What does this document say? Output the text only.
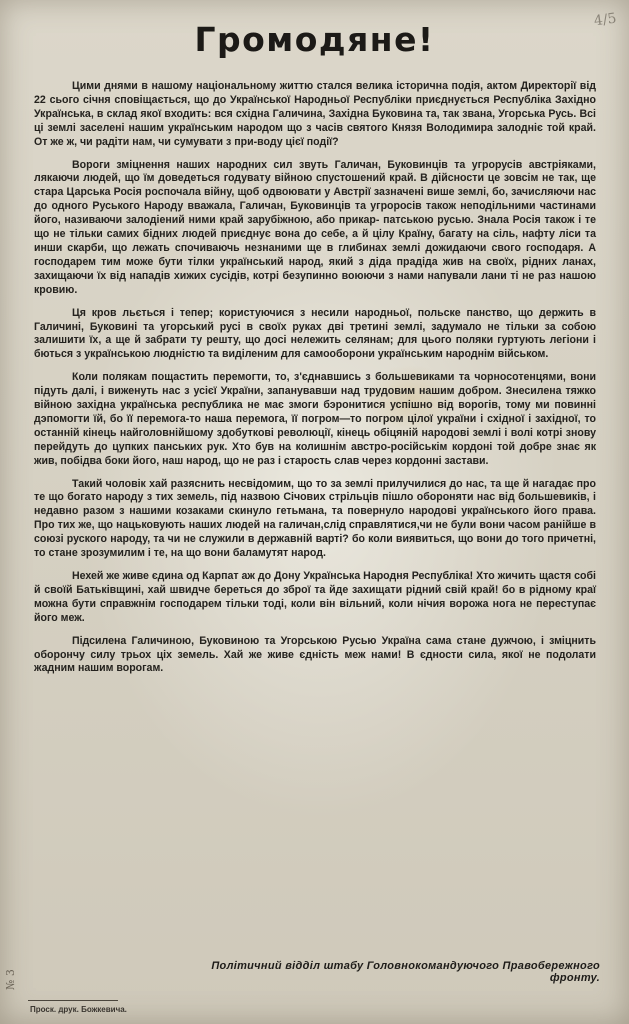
4/5
Громодяне!

Цими днями в нашому національному життю стался велика історична подія, актом Директорії від 22 сього січня сповіщається, що до Української Народньої Республіки приєднується Республіка Західно Українська, в склад якої входить: вся східна Галичина, Західна Буковина та, так звана, Угорська Русь. Всі ці землі заселені нашим українським народом що з часів святого Князя Володимира залодніє той край. От же ж, чи радіти нам, чи сумувати з при-воду цієї події?

Вороги зміцнення наших народних сил звуть Галичан, Буковинців та угрорусів австріяками, лякаючи людей, що їм доведеться годувату війною спустошений край. В дійсности це зовсім не так, ще стара Царська Росія роспочала війну, щоб одвоювати у Австрії зазначені више землі, бо, зачисляючи нас до одного Руського Народу вважала, Галичан, Буковинців та угроросів також неподільними частинами його, називаючи залодіений ними край зарубіжною, або прикар- патською русью. Знала Росія також і те що не тільки самих бідних людей приєднує вона до себе, а й цілу Країну, багату на сіль, нафту ліси та инши скарби, що лежать спочиваючь незнаними ще в глибинах землі дожидаючи свого господаря. А господарем тим може бути тілки український народ, який з діда прадіда жив на своїх, рідних ланах, захищаючи їх від нападів хижих сусідів, котрі безупинно воюючи з нами напували лани ті не раз нашою кровию.

Ця кров льється і тепер; користуючися з несили народньої, польске панство, що держить в Галичині, Буковині та угорський русі в своїх руках дві третині землі, задумало не тільки за собою залишити їх, а ще й забрати ту решту, що досі нележить селянам; для цього поляки гуртують легіони і бються з українською людністю та виділеним для самооборони українським народнім військом.

Коли полякам пощастить перемогти, то, з'єднавшись з большевиками та чорносотенцями, вони підуть далі, і виженуть нас з усієї України, запанувавши над трудовим нашим добром. Знесилена тяжко війною західна українська республика не має змоги бэронитися успішно від ворогів, тому ми повинні дэпомогти їй, бо її перемога-то наша перемога, її погром—то погром цілої україни і східної і західної, то останній кінець найголовнійшому здобуткові революції, кінець обіцяній народові землі і волі котрі знову перейдуть до цупких панських рук. Хто був на колишнім австро-російськім кордоні той добре знає як жив, побідва боки його, наш народ, що не раз і старость слав через кордонні застави.

Такий чоловік хай разяснить несвідомим, що то за землі прилучилися до нас, та ще й нагадає про те що богато народу з тих земель, під назвою Січових стрільців пішло обороняти нас від большевиків, і недавно разом з нашими козаками скинуло гетьмана, та повернуло народові українського його права. Про тих же, що нацьковують наших людей на галичан,слід справлятися,чи не були вони часом ранійше в союзі руского народу, та чи не служили в державній варті? бо коли виявиться, що вони до того причетні, то стане зрозумилим і те, на що вони баламутят народ.

Нехей же живе єдина од Карпат аж до Дону Українська Народня Республіка! Хто жичить щастя собі й своїй Батьківщині, хай швидче береться до зброї та йде захищати рідний свій край! бо в рідному краї можна бути справжнім господарем тільки тоді, коли він вільний, коли нічия ворожа нога не переступає його меж.

Підсилена Галичиною, Буковиною та Угорською Русью Україна сама стане дужчою, і зміцнить оборончу силу трьох ціх земель. Хай же живе єдність меж нами! В єдности сила, якої не подолати жадним нашим ворогам.

Політичний відділ штабу Головнокомандуючого Правобережного фронту.
Проск. друк. Божкевича.
№ 3
